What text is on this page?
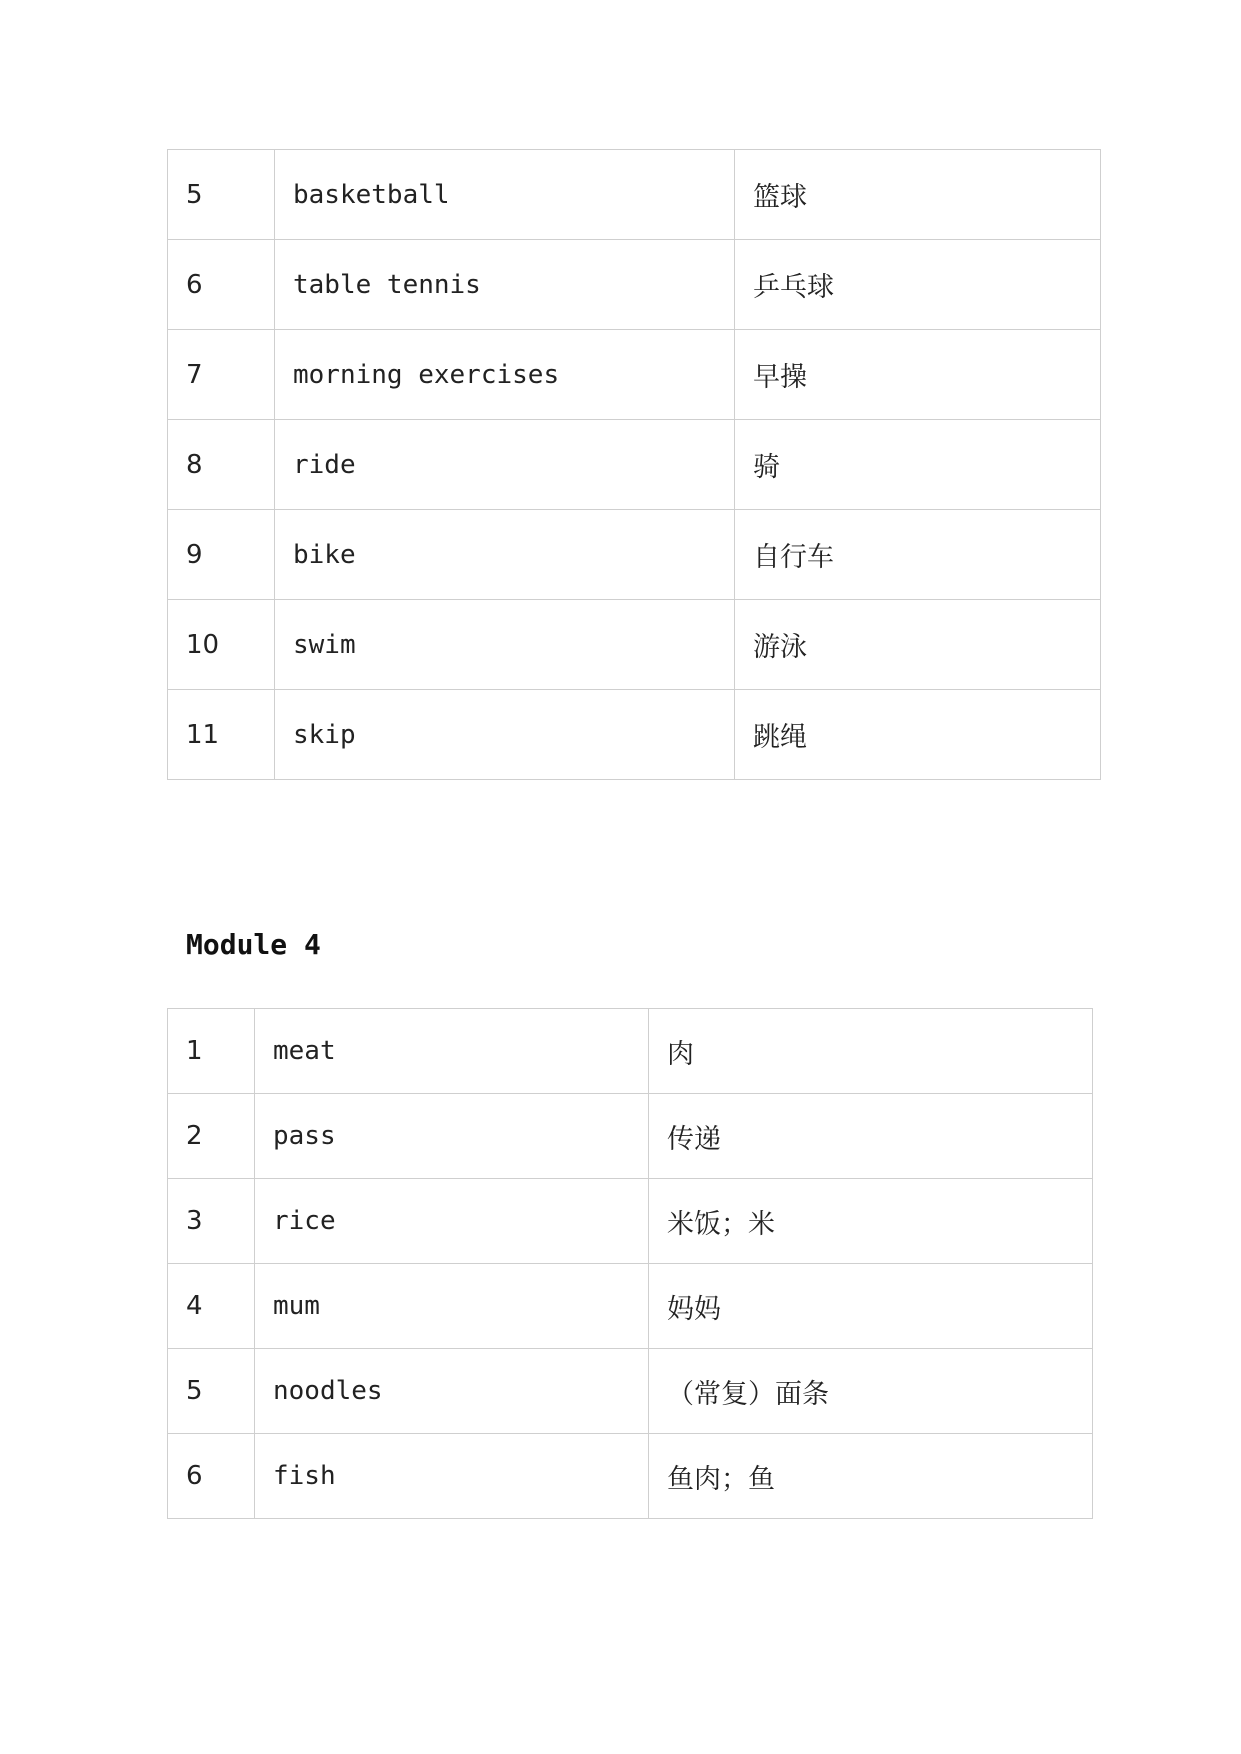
5	basketball	篮球
6	table tennis	乒乓球
7	morning exercises	早操
8	ride	骑
9	bike	自行车
10	swim	游泳
11	skip	跳绳
Module 4
1	meat	肉
2	pass	传递
3	rice	米饭；米
4	mum	妈妈
5	noodles	（常复）面条
6	fish	鱼肉；鱼
